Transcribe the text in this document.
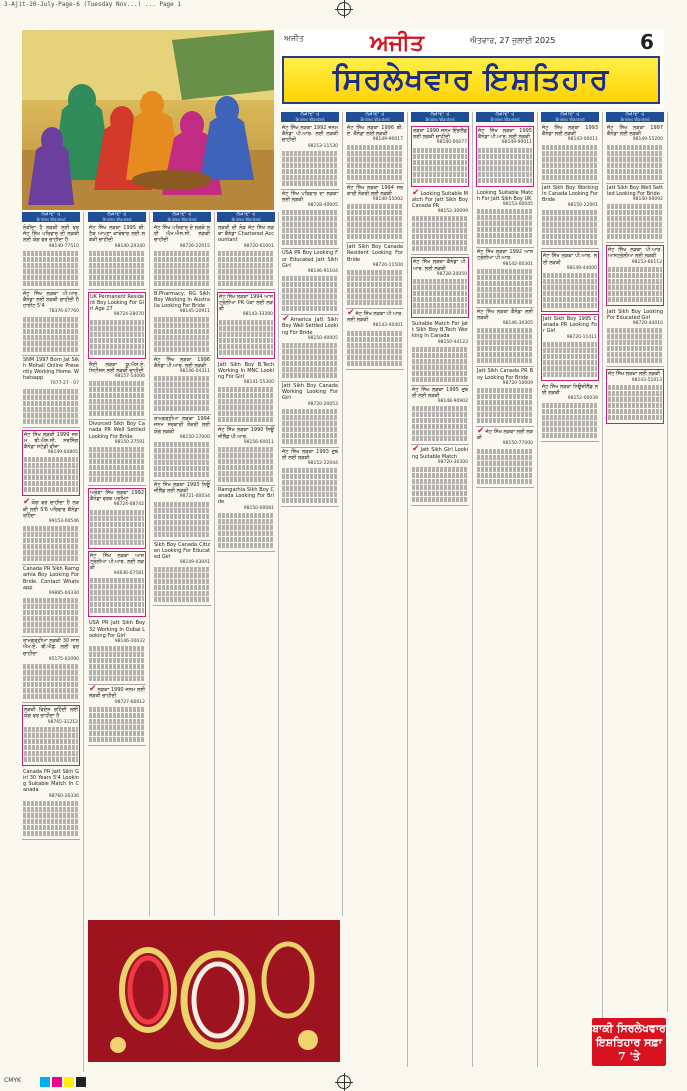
3-Ajit-20-July-Page-6 (Tuesday Nov...) ... Page 1
ਅਜੀਤ	ਅਜੀਤ	ਐਤਵਾਰ, 27 ਜੁਲਾਈ 2025	6
ਸਿਰਲੇਖਵਾਰ ਇਸ਼ਤਿਹਾਰ
ਲੋੜੀਂਦਾ ਹੈ
Brides Wanted
ਲੋੜੀਂਦਾ ਹੈ ਲੜਕੀ ਲਈ ਵਰ ਜੱਟ ਸਿੱਖ ਪਰਿਵਾਰ ਦੀ ਲੜਕੀ ਲਈ ਯੋਗ ਵਰ ਚਾਹੀਦਾ ਹੈ
98140-77510
ਜੱਟ ਸਿੱਖ ਲੜਕਾ ਪੀ.ਆਰ. ਕੈਨੇਡਾ ਲਈ ਲੜਕੀ ਚਾਹੀਦੀ ਹੈ ਹਾਈਟ 5'4
78376-07760
SNM 1997 Born Jat Sikh Mohali Online Presently Working Home. Whatsapp
7077-27 - 07
ਜੱਟ ਸਿੱਖ ਲੜਕੀ 1999 ਜਨਮ ਬੀ.ਐਸ.ਸੀ. ਨਰਸਿੰਗ ਕੈਨੇਡਾ ਸਟੱਡੀ ਵੀਜ਼ਾ
98149-04805
✔ ਯੋਗ ਵਰ ਚਾਹੀਦਾ ਹੈ ਲੜਕੀ ਲਈ 5'6 ਪਰਿਵਾਰ ਕੈਨੇਡਾ ਰਹਿੰਦਾ
99153-00546
Canada PR Sikh Ramgarhia Boy Looking For Bride. Contact Whatsapp
99885-04330
ਰਾਮਗੜ੍ਹੀਆ ਲੜਕੀ 30 ਸਾਲ ਐਮ.ਏ. ਬੀ.ਐਡ. ਲਈ ਵਰ ਚਾਹੀਦਾ
95175-02090
ਲੜਕੀ ਵਿਦੇਸ਼ ਰਹਿੰਦੀ ਲਈ ਯੋਗ ਵਰ ਚਾਹੀਦਾ ਹੈ
98765-31212
Canada PR Jatt Sikh Girl 30 Years 5'4 Looking Suitable Match In Canada
98760-26330
ਲੋੜੀਂਦਾ ਹੈ
Brides Wanted
ਜੱਟ ਸਿੱਖ ਲੜਕਾ 1995 ਬੀ.ਟੈਕ ਆਪਣਾ ਕਾਰੋਬਾਰ ਲਈ ਲੜਕੀ ਚਾਹੀਦੀ
98140-29340
UK Permanent Resident Boy Looking For Girl Age 27
98724-28070
ਸੈਣੀ ਲੜਕਾ ਯੂ.ਐਸ.ਏ. ਸਿਟੀਜ਼ਨ ਲਈ ਲੜਕੀ ਚਾਹੀਦੀ
98157-54006
Divorced Sikh Boy Canada PR Well Settled Looking For Bride
98150-27591
ਅਰੋੜਾ ਸਿੱਖ ਲੜਕਾ 1992 ਕੈਨੇਡਾ ਵਰਕ ਪਰਮਿਟ
98724-08742
ਜੱਟ ਸਿੱਖ ਲੜਕਾ ਆਸਟ੍ਰੇਲੀਆ ਪੀ.ਆਰ. ਲਈ ਲੜਕੀ
94636-07581
USA PR Jatt Sikh Boy 32 Working In Dubai Looking For Girl
98146-20032
✔ ਲੜਕਾ 1990 ਜਨਮ ਲਈ ਲੜਕੀ ਚਾਹੀਦੀ
98727-66612
ਲੋੜੀਂਦਾ ਹੈ
Brides Wanted
ਜੱਟ ਸਿੱਖ ਪਰਿਵਾਰ ਦੇ ਲੜਕੇ ਲਈ ਐਮ.ਐਸ.ਸੀ. ਲੜਕੀ ਚਾਹੀਦੀ
98726-22015
B.Pharmacy, RG Sikh Boy Working In Australia Looking For Bride
98145-20911
ਜੱਟ ਸਿੱਖ ਲੜਕਾ 1996 ਕੈਨੇਡਾ ਪੀ.ਆਰ. ਲਈ ਲੜਕੀ
98146-04311
ਰਾਮਗੜ੍ਹੀਆ ਲੜਕਾ 1994 ਜਨਮ ਸਰਕਾਰੀ ਨੌਕਰੀ ਲਈ ਯੋਗ ਲੜਕੀ
98150-17000
ਜੱਟ ਸਿੱਖ ਲੜਕਾ 1993 ਨਿਊਜ਼ੀਲੈਂਡ ਲਈ ਲੜਕੀ
98721-00034
Sikh Boy Canada Citizen Looking For Educated Girl
98149-03041
ਲੋੜੀਂਦਾ ਹੈ
Brides Wanted
ਲੜਕੀ ਦੀ ਲੋੜ ਜੱਟ ਸਿੱਖ ਲੜਕਾ ਕੈਨੇਡਾ Chartered Accountant
98720-61001
ਜੱਟ ਸਿੱਖ ਲੜਕਾ 1994 ਆਸਟ੍ਰੇਲੀਆ PR ਪੱਕਾ ਲਈ ਲੜਕੀ
98143-33390
Jatt Sikh Boy B.Tech Working In MNC Looking For Girl
98141-55300
ਜੱਟ ਸਿੱਖ ਲੜਕਾ 1990 ਨਿਊਜ਼ੀਲੈਂਡ ਪੀ.ਆਰ.
98156-60011
Ramgarhia Sikh Boy Canada Looking For Bride
98150-00081
ਲੋੜੀਂਦਾ ਹੈ
Brides Wanted
ਜੱਟ ਸਿੱਖ ਲੜਕਾ 1992 ਜਨਮ ਕੈਨੇਡਾ ਪੀ.ਆਰ. ਲਈ ਲੜਕੀ ਚਾਹੀਦੀ
98153-11530
ਜੱਟ ਸਿੱਖ ਪਰਿਵਾਰ ਦਾ ਲੜਕਾ ਲਈ ਲੜਕੀ
98728-40005
USA PR Boy Looking For Educated Jatt Sikh Girl
98146-91104
✔ America Jatt Sikh Boy Well Settled Looking For Bride
98150-40005
Jatt Sikh Boy Canada Working Looking For Girl
98720-20053
ਜੱਟ ਸਿੱਖ ਲੜਕਾ 1993 ਦੁਬਈ ਲਈ ਲੜਕੀ
98152-22044
ਲੋੜੀਂਦਾ ਹੈ
Brides Wanted
ਜੱਟ ਸਿੱਖ ਲੜਕਾ 1996 ਬੀ.ਏ. ਕੈਨੇਡਾ ਲਈ ਲੜਕੀ
98149-90017
ਜੱਟ ਸਿੱਖ ਲੜਕਾ 1994 ਸਰਕਾਰੀ ਨੌਕਰੀ ਲਈ ਲੜਕੀ
98140-55002
Jatt Sikh Boy Canada Resident Looking For Bride
98720-11500
✔ ਜੱਟ ਸਿੱਖ ਲੜਕਾ ਪੀ.ਆਰ. ਲਈ ਲੜਕੀ
98143-40401
ਲੋੜੀਂਦਾ ਹੈ
Brides Wanted
ਲੜਕਾ 1990 ਜਨਮ ਇੰਗਲੈਂਡ ਲਈ ਲੜਕੀ ਚਾਹੀਦੀ
98140-00077
✔ Looking Suitable Match For Jatt Sikh Boy Canada PR
98152-30099
ਜੱਟ ਸਿੱਖ ਲੜਕਾ ਕੈਨੇਡਾ ਪੀ.ਆਰ. ਲਈ ਲੜਕੀ
98728-20050
Suitable Match For Jatt Sikh Boy B.Tech Working In Canada
98150-44123
ਜੱਟ ਸਿੱਖ ਲੜਕਾ 1995 ਦੁਬਈ ਲਈ ਲੜਕੀ
98148-90902
✔ Jatt Sikh Girl Looking Suitable Match
98720-30300
ਲੋੜੀਂਦਾ ਹੈ
Brides Wanted
ਜੱਟ ਸਿੱਖ ਲੜਕਾ 1995 ਕੈਨੇਡਾ ਪੀ.ਆਰ. ਲਈ ਲੜਕੀ
98149-90011
Looking Suitable Match For Jatt Sikh Boy UK
98153-00045
ਜੱਟ ਸਿੱਖ ਲੜਕਾ 1992 ਆਸਟ੍ਰੇਲੀਆ ਪੀ.ਆਰ.
98142-00301
ਜੱਟ ਸਿੱਖ ਲੜਕਾ ਕੈਨੇਡਾ ਲਈ ਲੜਕੀ
98146-30305
Jatt Sikh Canada PR Boy Looking For Bride
98720-10009
✔ ਜੱਟ ਸਿੱਖ ਲੜਕਾ ਲਈ ਲੜਕੀ
98150-77000
ਲੋੜੀਂਦਾ ਹੈ
Brides Wanted
ਜੱਟ ਸਿੱਖ ਲੜਕਾ 1993 ਕੈਨੇਡਾ ਲਈ ਲੜਕੀ
98143-00011
Jatt Sikh Boy Working In Canada Looking For Bride
98150-22001
ਜੱਟ ਸਿੱਖ ਲੜਕਾ ਪੀ.ਆਰ. ਲਈ ਲੜਕੀ
98149-44000
Jatt Sikh Boy 1995 Canada PR Looking For Girl
98720-11411
ਜੱਟ ਸਿੱਖ ਲੜਕਾ ਨਿਊਜ਼ੀਲੈਂਡ ਲਈ ਲੜਕੀ
98152-00039
ਲੋੜੀਂਦਾ ਹੈ
Brides Wanted
ਜੱਟ ਸਿੱਖ ਲੜਕਾ 1997 ਕੈਨੇਡਾ ਲਈ ਲੜਕੀ
98149-55200
Jatt Sikh Boy Well Settled Looking For Bride
98140-00092
ਜੱਟ ਸਿੱਖ ਲੜਕਾ ਪੀ.ਆਰ. ਆਸਟ੍ਰੇਲੀਆ ਲਈ ਲੜਕੀ
98153-66112
Jatt Sikh Boy Looking For Educated Girl
98720-44010
ਜੱਟ ਸਿੱਖ ਲੜਕਾ ਲਈ ਲੜਕੀ
98143-51013
ਬਾਕੀ ਸਿਰਲੇਖਵਾਰ
ਇਸ਼ਤਿਹਾਰ ਸਫ਼ਾ 7 'ਤੇ
CMYK
